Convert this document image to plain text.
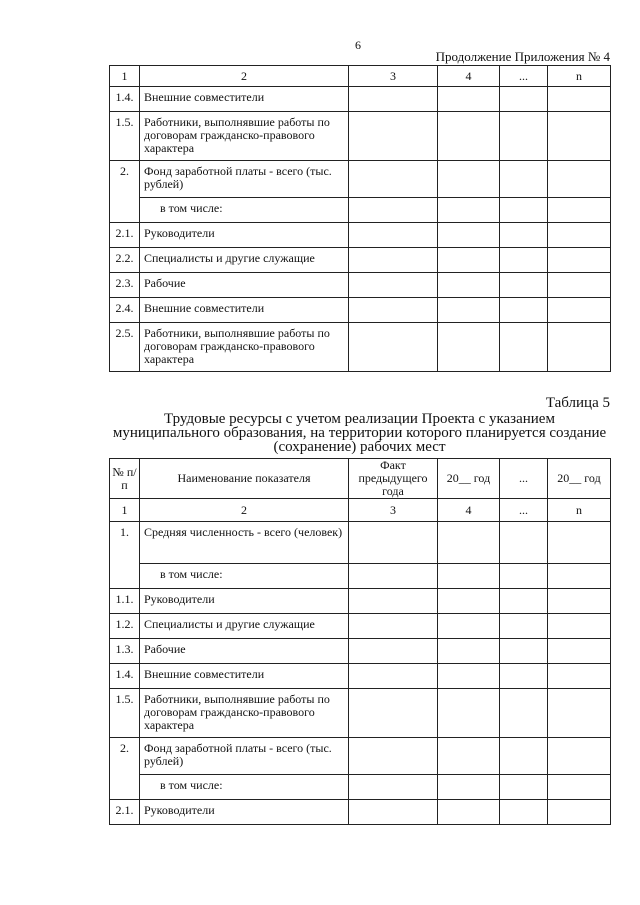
6
Продолжение Приложения № 4
1	2	3	4	...	n
1.4.	Внешние совместители				
1.5.	Работники, выполнявшие работы по договорам гражданско-правового характера				
2.	Фонд заработной платы - всего (тыс. рублей)				
	в том числе:				
2.1.	Руководители				
2.2.	Специалисты и другие служащие				
2.3.	Рабочие				
2.4.	Внешние совместители				
2.5.	Работники, выполнявшие работы по договорам гражданско-правового характера				
Таблица 5
Трудовые ресурсы с учетом реализации Проекта с указанием муниципального образования, на территории которого планируется создание (сохранение) рабочих мест
№ п/п	Наименование показателя	Факт предыдущего года	20__ год	...	20__ год
1	2	3	4	...	n
1.	Средняя численность - всего (человек)				
	в том числе:				
1.1.	Руководители				
1.2.	Специалисты и другие служащие				
1.3.	Рабочие				
1.4.	Внешние совместители				
1.5.	Работники, выполнявшие работы по договорам гражданско-правового характера				
2.	Фонд заработной платы - всего (тыс. рублей)				
	в том числе:				
2.1.	Руководители				
